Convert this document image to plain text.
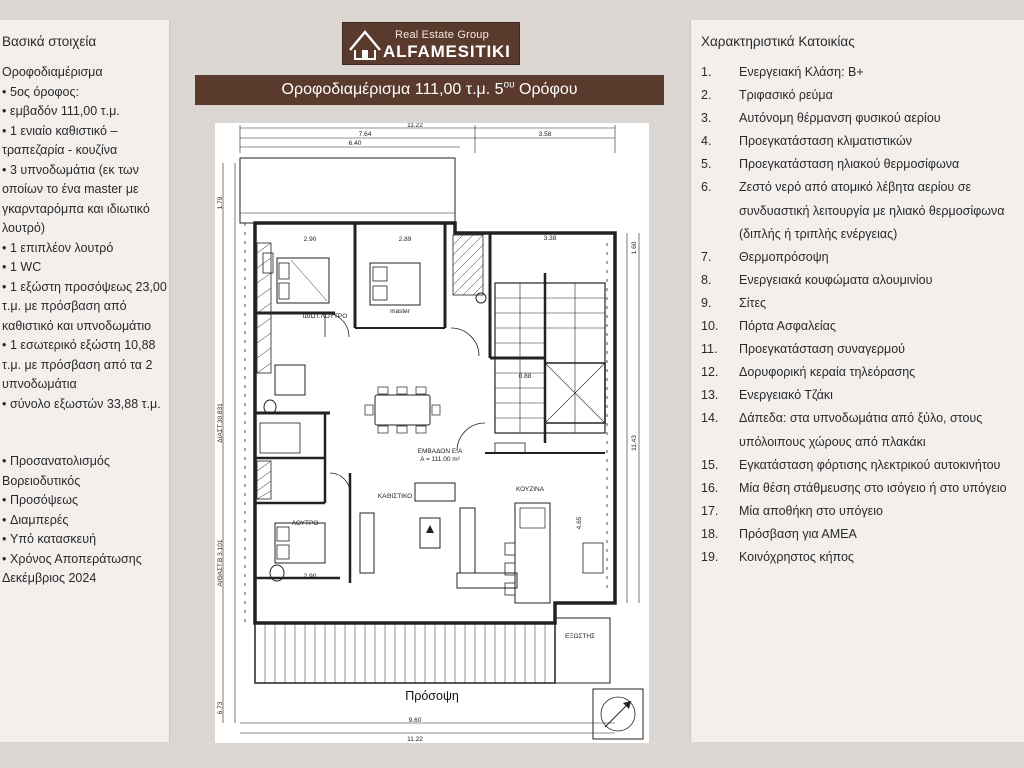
Βασικά στοιχεία
Οροφοδιαμέρισμα
• 5ος όροφος:
• εμβαδόν 111,00 τ.μ.
• 1 ενιαίο καθιστικό – τραπεζαρία - κουζίνα
• 3 υπνοδωμάτια (εκ των οποίων το ένα master με γκαρνταρόμπα και ιδιωτικό λουτρό)
• 1 επιπλέον λουτρό
• 1 WC
• 1 εξώστη προσόψεως 23,00 τ.μ. με πρόσβαση από καθιστικό και υπνοδωμάτιο
• 1 εσωτερικό εξώστη 10,88 τ.μ. με πρόσβαση από τα 2 υπνοδωμάτια
• σύνολο εξωστών 33,88 τ.μ.
• Προσανατολισμός Βορειοδυτικός
• Προσόψεως
• Διαμπερές
• Υπό κατασκευή
• Χρόνος Αποπεράτωσης Δεκέμβριος 2024
Real Estate Group
ALFAMESITIKI
Οροφοδιαμέρισμα 111,00 τ.μ. $5^{o\upsilon}$ Ορόφου
11.22
7.64	3.58
6.40
2.90	2.89	3.38
2.90
0.88
9.60
11.22
ΔΙΑΣΤ.30.831
ΑΙΘΑΣΤ.Β 3.101
1.79
6.73
1.60
4.65
11.43
ΕΜΒΑΔΟΝ Ε.Α
A = 111.00 m²
ΙΔΙΩΤ.ΛΟΥΤΡΟ
master
ΛΟΥΤΡΟ
ΚΟΥΖΙΝΑ
ΚΑΘΙΣΤΙΚΟ
ΕΞΩΣΤΗΣ
Πρόσοψη
Χαρακτηριστικά Κατοικίας
1.	Ενεργειακή Κλάση: Β+
2.	Τριφασικό ρεύμα
3.	Αυτόνομη θέρμανση φυσικού αερίου
4.	Προεγκατάσταση κλιματιστικών
5.	Προεγκατάσταση ηλιακού θερμοσίφωνα
6.	Ζεστό νερό από ατομικό λέβητα αερίου σε συνδυαστική λειτουργία με ηλιακό θερμοσίφωνα (διπλής ή τριπλής ενέργειας)
7.	Θερμοπρόσοψη
8.	Ενεργειακά κουφώματα αλουμινίου
9.	Σίτες
10.	Πόρτα Ασφαλείας
11.	Προεγκατάσταση συναγερμού
12.	Δορυφορική κεραία τηλεόρασης
13.	Ενεργειακό Τζάκι
14.	Δάπεδα: στα υπνοδωμάτια από ξύλο, στους υπόλοιπους χώρους από πλακάκι
15.	Εγκατάσταση φόρτισης ηλεκτρικού αυτοκινήτου
16.	Μία θέση στάθμευσης στο ισόγειο ή στο υπόγειο
17.	Μία αποθήκη στο υπόγειο
18.	Πρόσβαση για ΑΜΕΑ
19.	Κοινόχρηστος κήπος
